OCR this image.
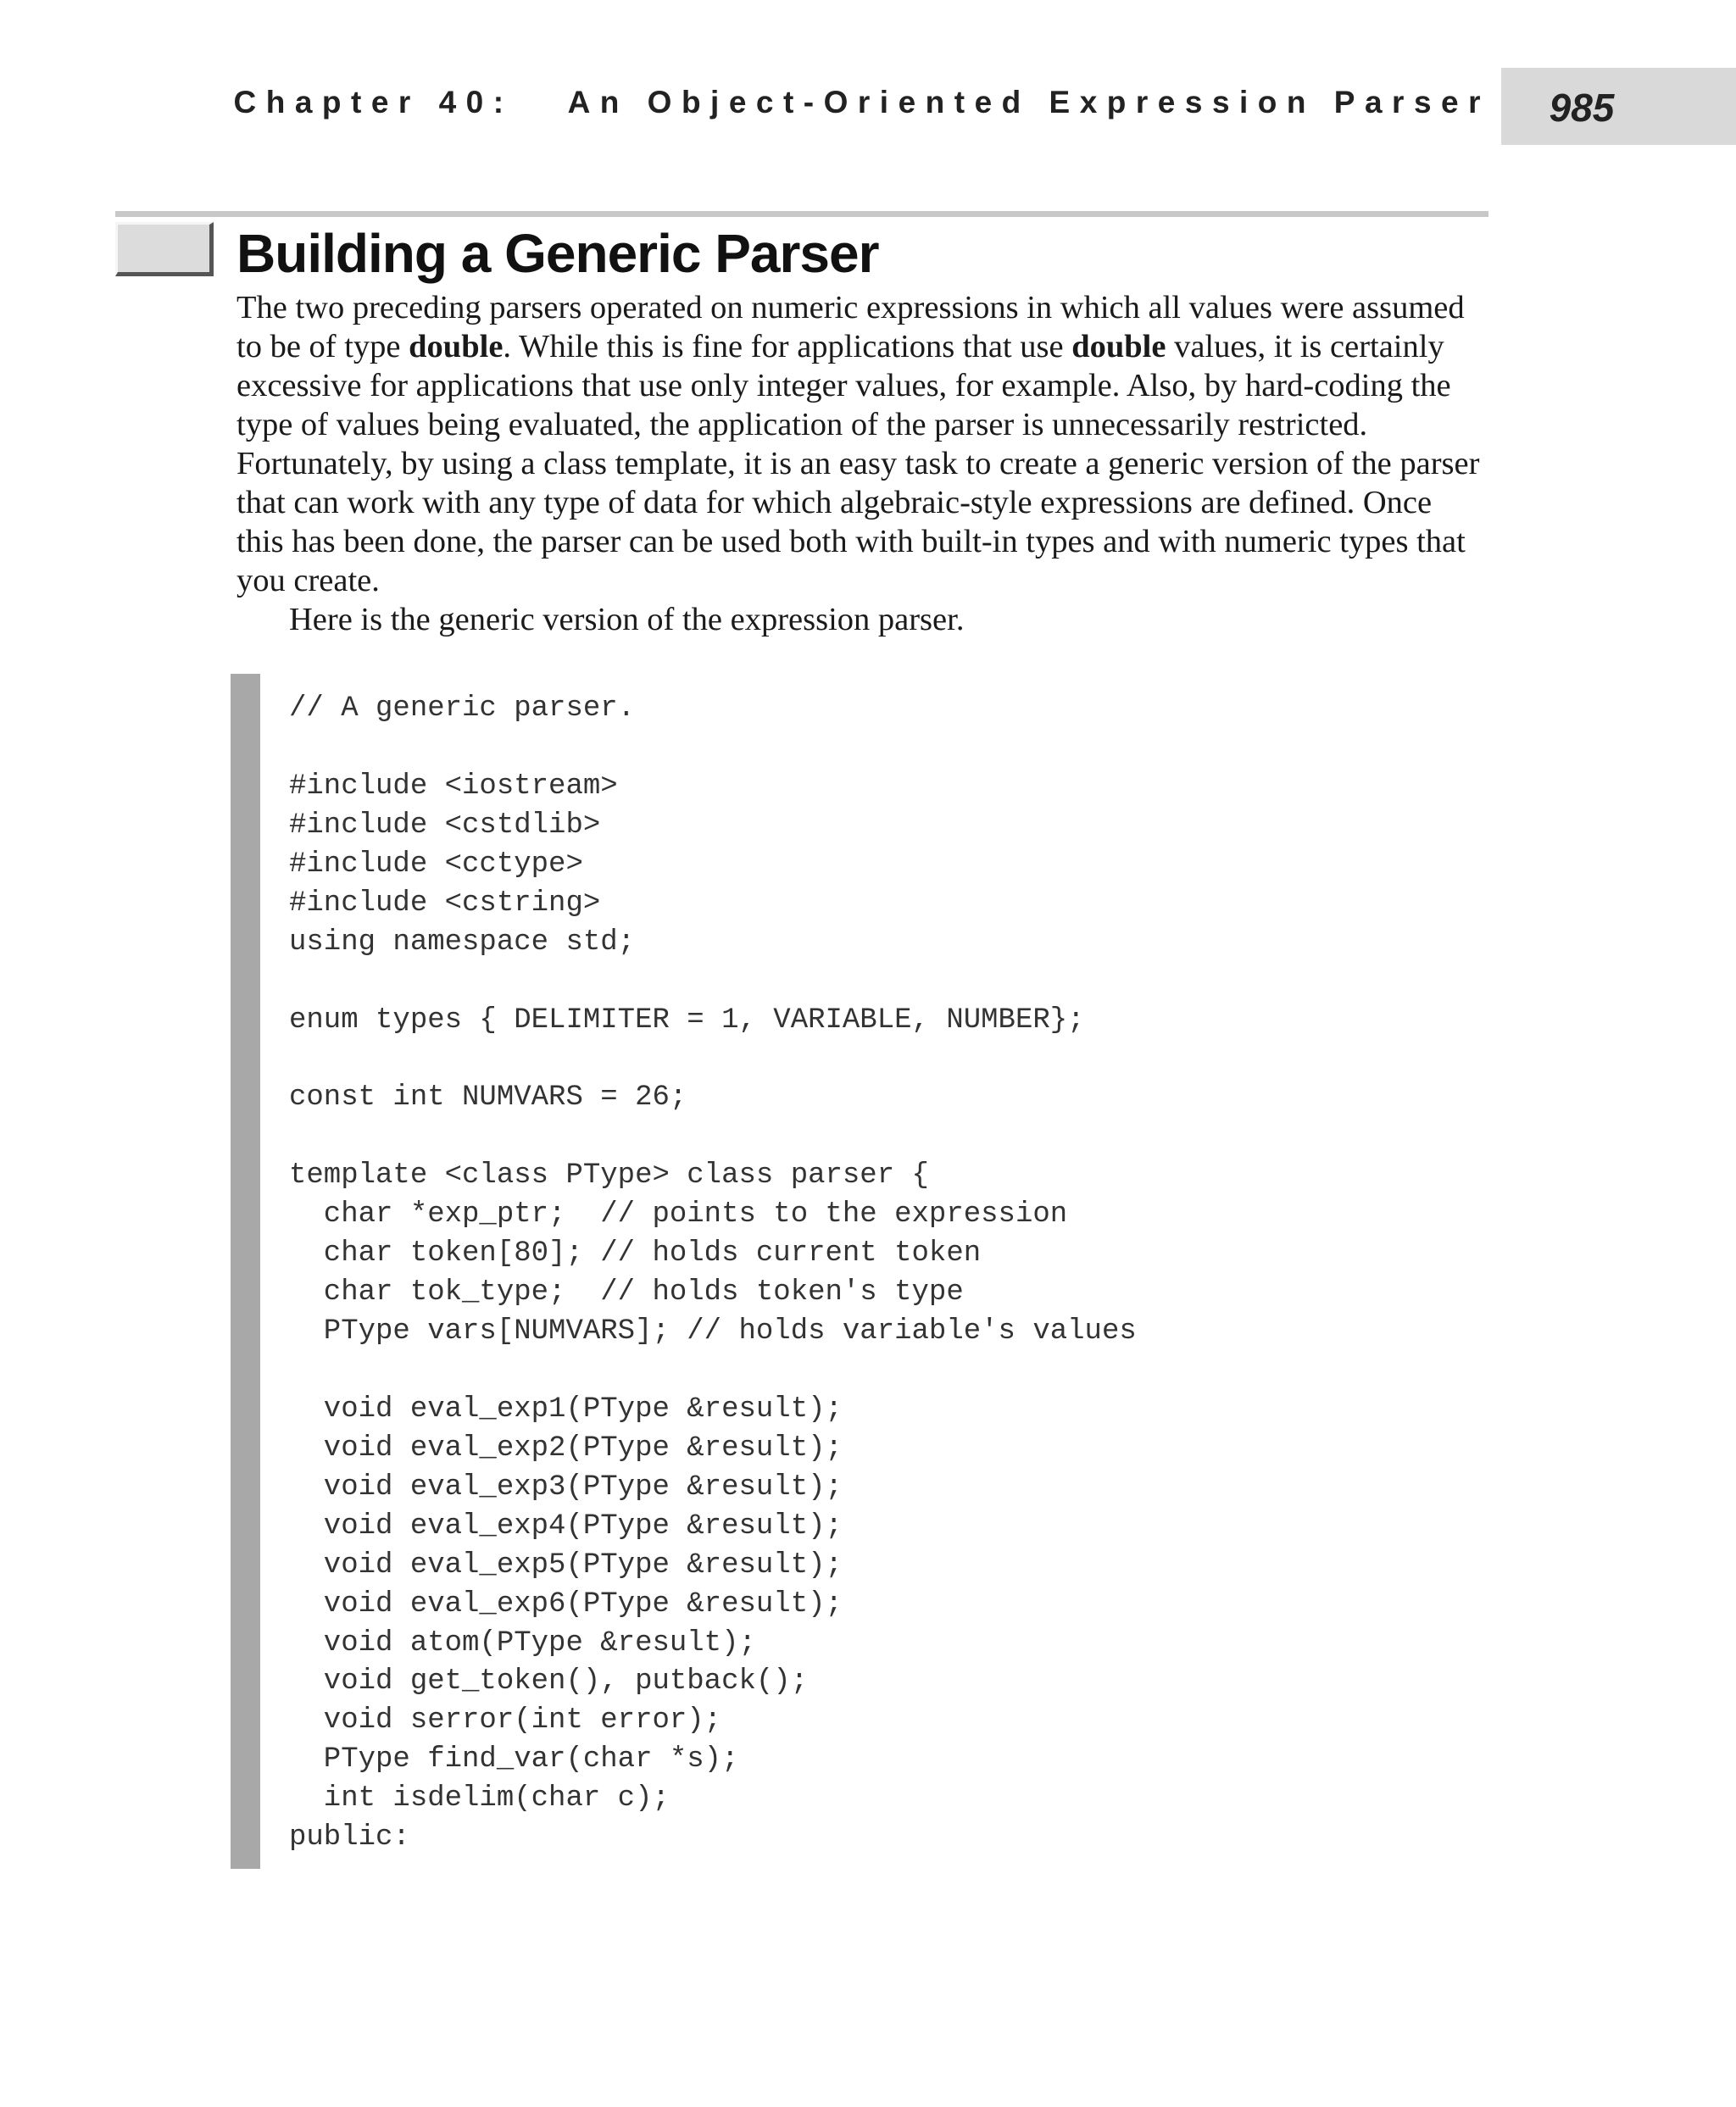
Chapter 40: An Object-Oriented Expression Parser	985
Building a Generic Parser

The two preceding parsers operated on numeric expressions in which all values were assumed to be of type double. While this is fine for applications that use double values, it is certainly excessive for applications that use only integer values, for example. Also, by hard-coding the type of values being evaluated, the application of the parser is unnecessarily restricted. Fortunately, by using a class template, it is an easy task to create a generic version of the parser that can work with any type of data for which algebraic-style expressions are defined. Once this has been done, the parser can be used both with built-in types and with numeric types that you create.

Here is the generic version of the expression parser.

// A generic parser.
#include <iostream>
#include <cstdlib>
#include <cctype>
#include <cstring>
using namespace std;
enum types { DELIMITER = 1, VARIABLE, NUMBER};
const int NUMVARS = 26;
template <class PType> class parser {
char *exp_ptr;  // points to the expression
char token[80]; // holds current token
char tok_type;  // holds token's type
PType vars[NUMVARS]; // holds variable's values
void eval_exp1(PType &result);
void eval_exp2(PType &result);
void eval_exp3(PType &result);
void eval_exp4(PType &result);
void eval_exp5(PType &result);
void eval_exp6(PType &result);
void atom(PType &result);
void get_token(), putback();
void serror(int error);
PType find_var(char *s);
int isdelim(char c);
public:
